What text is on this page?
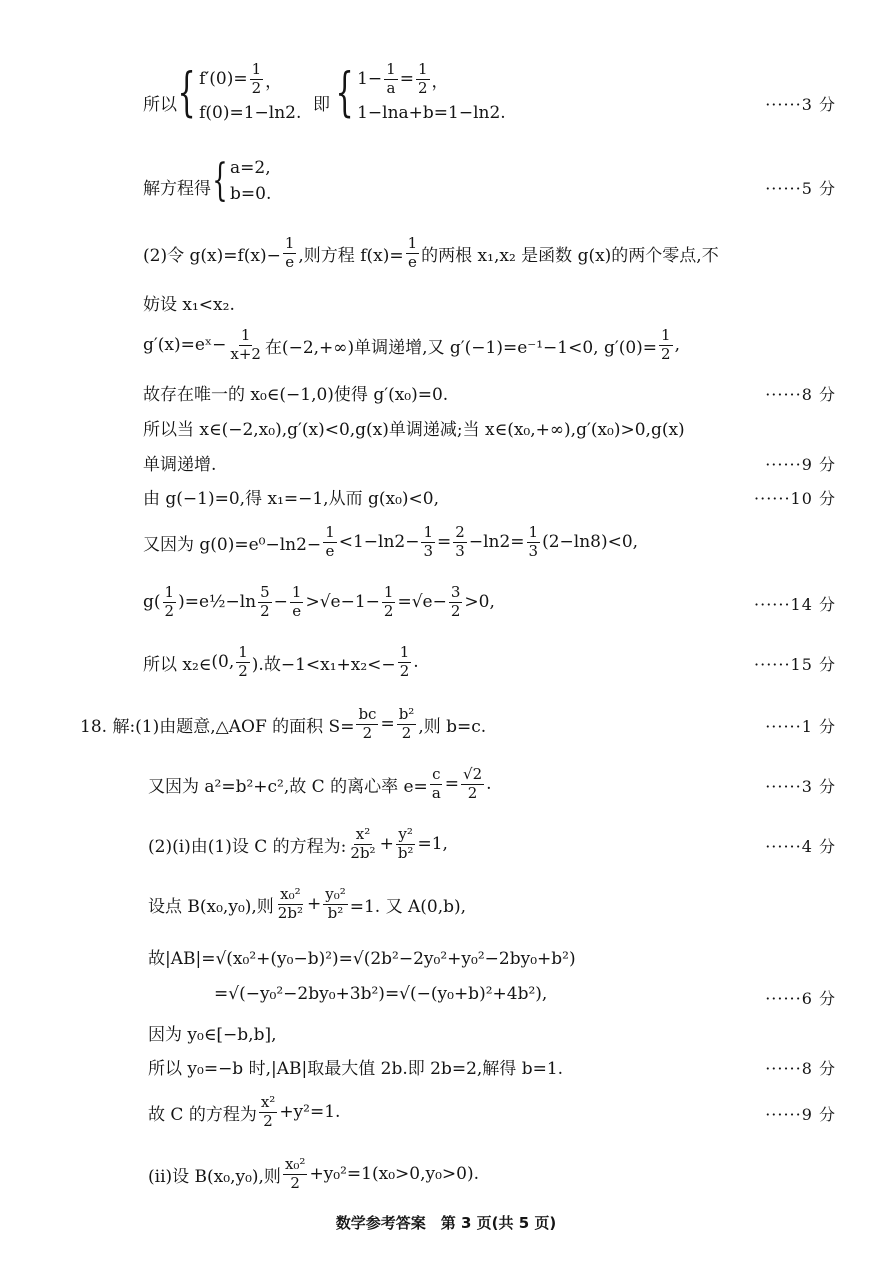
所以 { $f'(0)= \frac{1}{2}$ ，
f(0)=1−ln2. 即 { $1- \frac{1}{a} = \frac{1}{2}$ ，
1−lna+b=1−ln2.	······3 分
解方程得 { a=2,
b=0.	······5 分
(2)令 $g(x)=f(x)- \frac{1}{e}$ ,则方程 $f(x)= \frac{1}{e}$ 的两根 x₁,x₂ 是函数 g(x)的两个零点,不
妨设 x₁<x₂.
g′(x)=eˣ− $\frac{1}{x+2}$ 在(−2,+∞)单调递增,又 g′(−1)=e⁻¹−1<0, $g'(0)= \frac{1}{2}$ ,
故存在唯一的 x₀∈(−1,0)使得 g′(x₀)=0.	······8 分
所以当 x∈(−2,x₀),g′(x)<0,g(x)单调递减;当 x∈(x₀,+∞),g′(x₀)>0,g(x)
单调递增.	······9 分
由 g(−1)=0,得 x₁=−1,从而 g(x₀)<0,	······10 分
又因为 $g(0)=e^0-\ln 2- \frac{1}{e} <1-\ln 2- \frac{1}{3} = \frac{2}{3} -\ln 2= \frac{1}{3} (2-\ln 8)<0$,
$g( \frac{1}{2}$ )=e½−ln $\frac{5}{2} - \frac{1}{e} >√e-1- \frac{1}{2} =√e- \frac{3}{2} >0$,	······14 分
所以 x₂∈ (0, $\frac{1}{2}$ ).故$-1<x_1+x_2<- \frac{1}{2}$ .	······15 分
18. 解:(1)由题意,△AOF 的面积 $S= \frac{bc}{2} = \frac{\text{b²}}{2}$ ,则 b=c.	······1 分
又因为 a²=b²+c²,故 C 的离心率 $e= \frac{c}{a} = \frac{√2}{2}$ .	······3 分
(2)(i)由(1)设 C 的方程为: $\frac{\text{x²}}{\text{2b²}} + \frac{\text{y²}}{\text{b²}} =1$,	······4 分
设点 B(x₀,y₀),则 $\frac{\text{x₀²}}{\text{2b²}} + \frac{\text{y₀²}}{\text{b²}} =1$. 又 A(0,b),
故|AB|=√(x₀²+(y₀−b)²)=√(2b²−2y₀²+y₀²−2by₀+b²)
=√(−y₀²−2by₀+3b²)=√(−(y₀+b)²+4b²),	······6 分
因为 y₀∈[−b,b],
所以 y₀=−b 时,|AB|取最大值 2b.即 2b=2,解得 b=1.	······8 分
故 C 的方程为 $\frac{\text{x²}}{2} +y^2=1$.	······9 分
(ii)设 B(x₀,y₀),则 $\frac{\text{x₀²}}{2} +y_0^2=1(x_0>0,y_0>0)$.
数学参考答案　第 3 页(共 5 页)
